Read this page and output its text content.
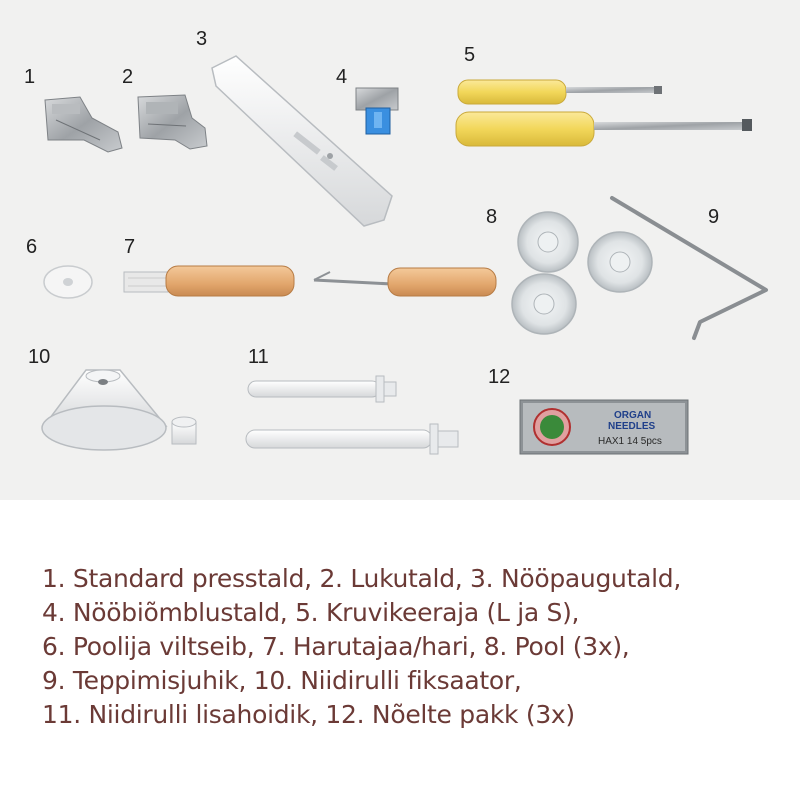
ORGAN
NEEDLES
HAX1 14 5pcs
1	2
3
4
5
6	7
8	9
10	11
12
1. Standard presstald, 2. Lukutald, 3. Nööpaugutald,
4. Nööbiõmblustald, 5. Kruvikeeraja (L ja S),
6. Poolija viltseib, 7. Harutajaa/hari, 8. Pool (3x),
9. Teppimisjuhik, 10. Niidirulli fiksaator,
11. Niidirulli lisahoidik, 12. Nõelte pakk (3x)
